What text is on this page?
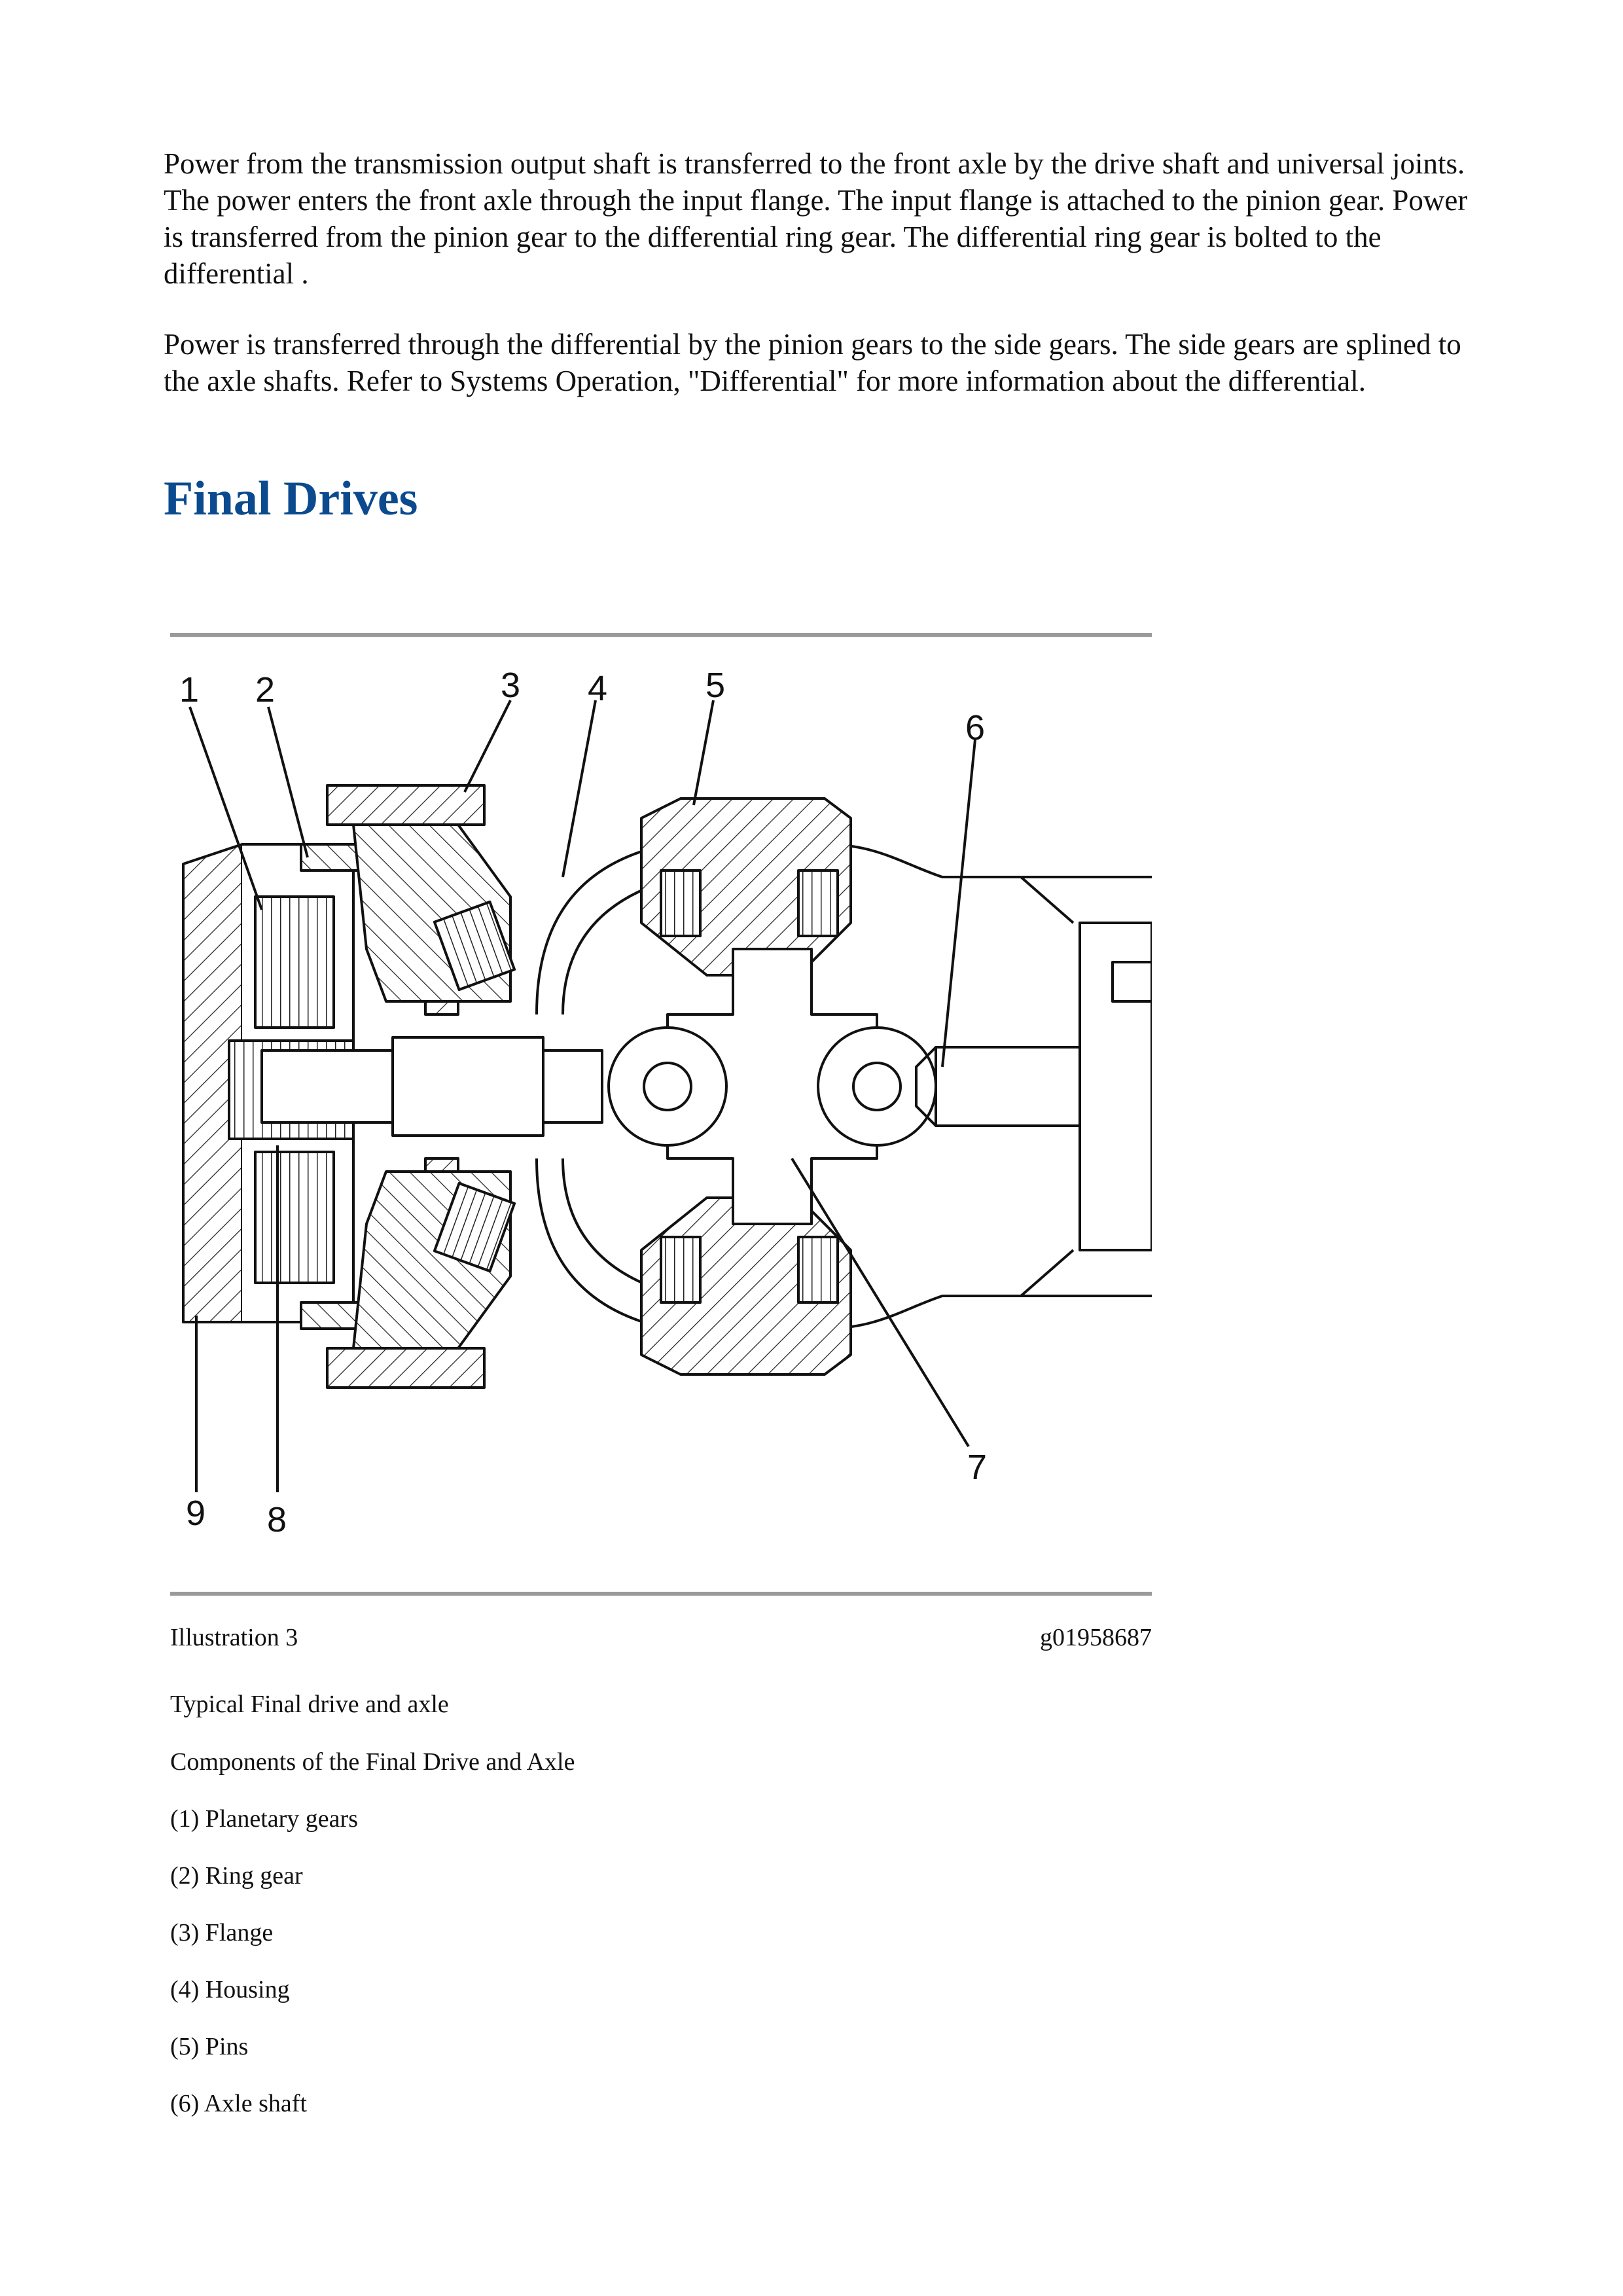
Power from the transmission output shaft is transferred to the front axle by the drive shaft and universal joints. The power enters the front axle through the input flange. The input flange is attached to the pinion gear. Power is transferred from the pinion gear to the differential ring gear. The differential ring gear is bolted to the differential .

Power is transferred through the differential by the pinion gears to the side gears. The side gears are splined to the axle shafts. Refer to Systems Operation, "Differential" for more information about the differential.

Final Drives
1 2	3 4	5
6
7
8
9

Illustration 3	g01958687

Typical Final drive and axle

Components of the Final Drive and Axle

(1) Planetary gears

(2) Ring gear

(3) Flange

(4) Housing

(5) Pins

(6) Axle shaft
